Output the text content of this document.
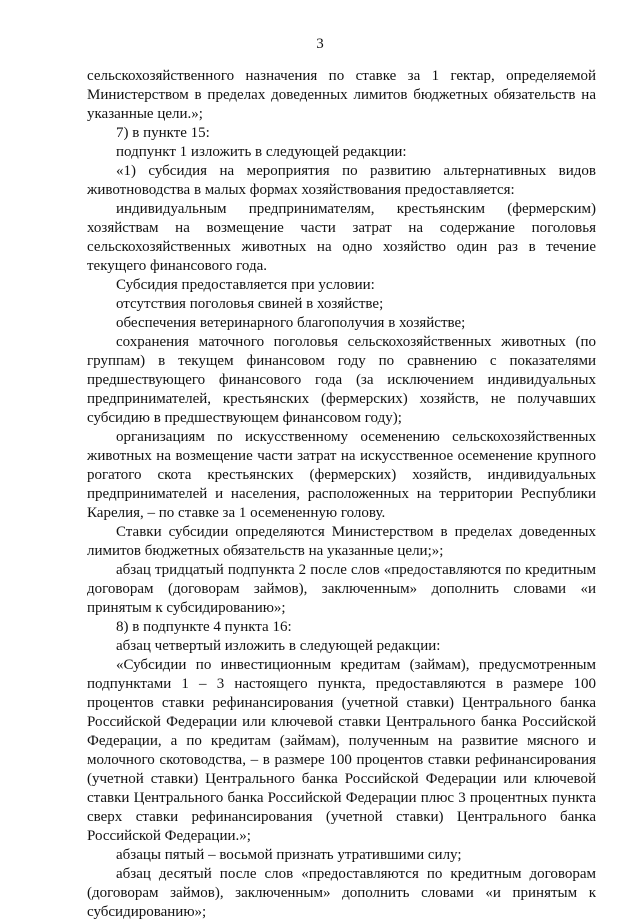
3

сельскохозяйственного назначения по ставке за 1 гектар, определяемой Министерством в пределах доведенных лимитов бюджетных обязательств на указанные цели.»;

7) в пункте 15:

подпункт 1 изложить в следующей редакции:

«1) субсидия на мероприятия по развитию альтернативных видов животноводства в малых формах хозяйствования предоставляется:

индивидуальным предпринимателям, крестьянским (фермерским) хозяйствам на возмещение части затрат на содержание поголовья сельскохозяйственных животных на одно хозяйство один раз в течение текущего финансового года.

Субсидия предоставляется при условии:

отсутствия поголовья свиней в хозяйстве;

обеспечения ветеринарного благополучия в хозяйстве;

сохранения маточного поголовья сельскохозяйственных животных (по группам) в текущем финансовом году по сравнению с показателями предшествующего финансового года (за исключением индивидуальных предпринимателей, крестьянских (фермерских) хозяйств, не получавших субсидию в предшествующем финансовом году);

организациям по искусственному осеменению сельскохозяйственных животных на возмещение части затрат на искусственное осеменение крупного рогатого скота крестьянских (фермерских) хозяйств, индивидуальных предпринимателей и населения, расположенных на территории Республики Карелия, – по ставке за 1 осемененную голову.

Ставки субсидии определяются Министерством в пределах доведенных лимитов бюджетных обязательств на указанные цели;»;

абзац тридцатый подпункта 2 после слов «предоставляются по кредитным договорам (договорам займов), заключенным» дополнить словами «и принятым к субсидированию»;

8) в подпункте 4 пункта 16:

абзац четвертый изложить в следующей редакции:

«Субсидии по инвестиционным кредитам (займам), предусмотренным подпунктами 1 – 3 настоящего пункта, предоставляются в размере 100 процентов ставки рефинансирования (учетной ставки) Центрального банка Российской Федерации или ключевой ставки Центрального банка Российской Федерации, а по кредитам (займам), полученным на развитие мясного и молочного скотоводства, – в размере 100 процентов ставки рефинансирования (учетной ставки) Центрального банка Российской Федерации или ключевой ставки Центрального банка Российской Федерации плюс 3 процентных пункта сверх ставки рефинансирования (учетной ставки) Центрального банка Российской Федерации.»;

абзацы пятый – восьмой признать утратившими силу;

абзац десятый после слов «предоставляются по кредитным договорам (договорам займов), заключенным» дополнить словами «и принятым к субсидированию»;
